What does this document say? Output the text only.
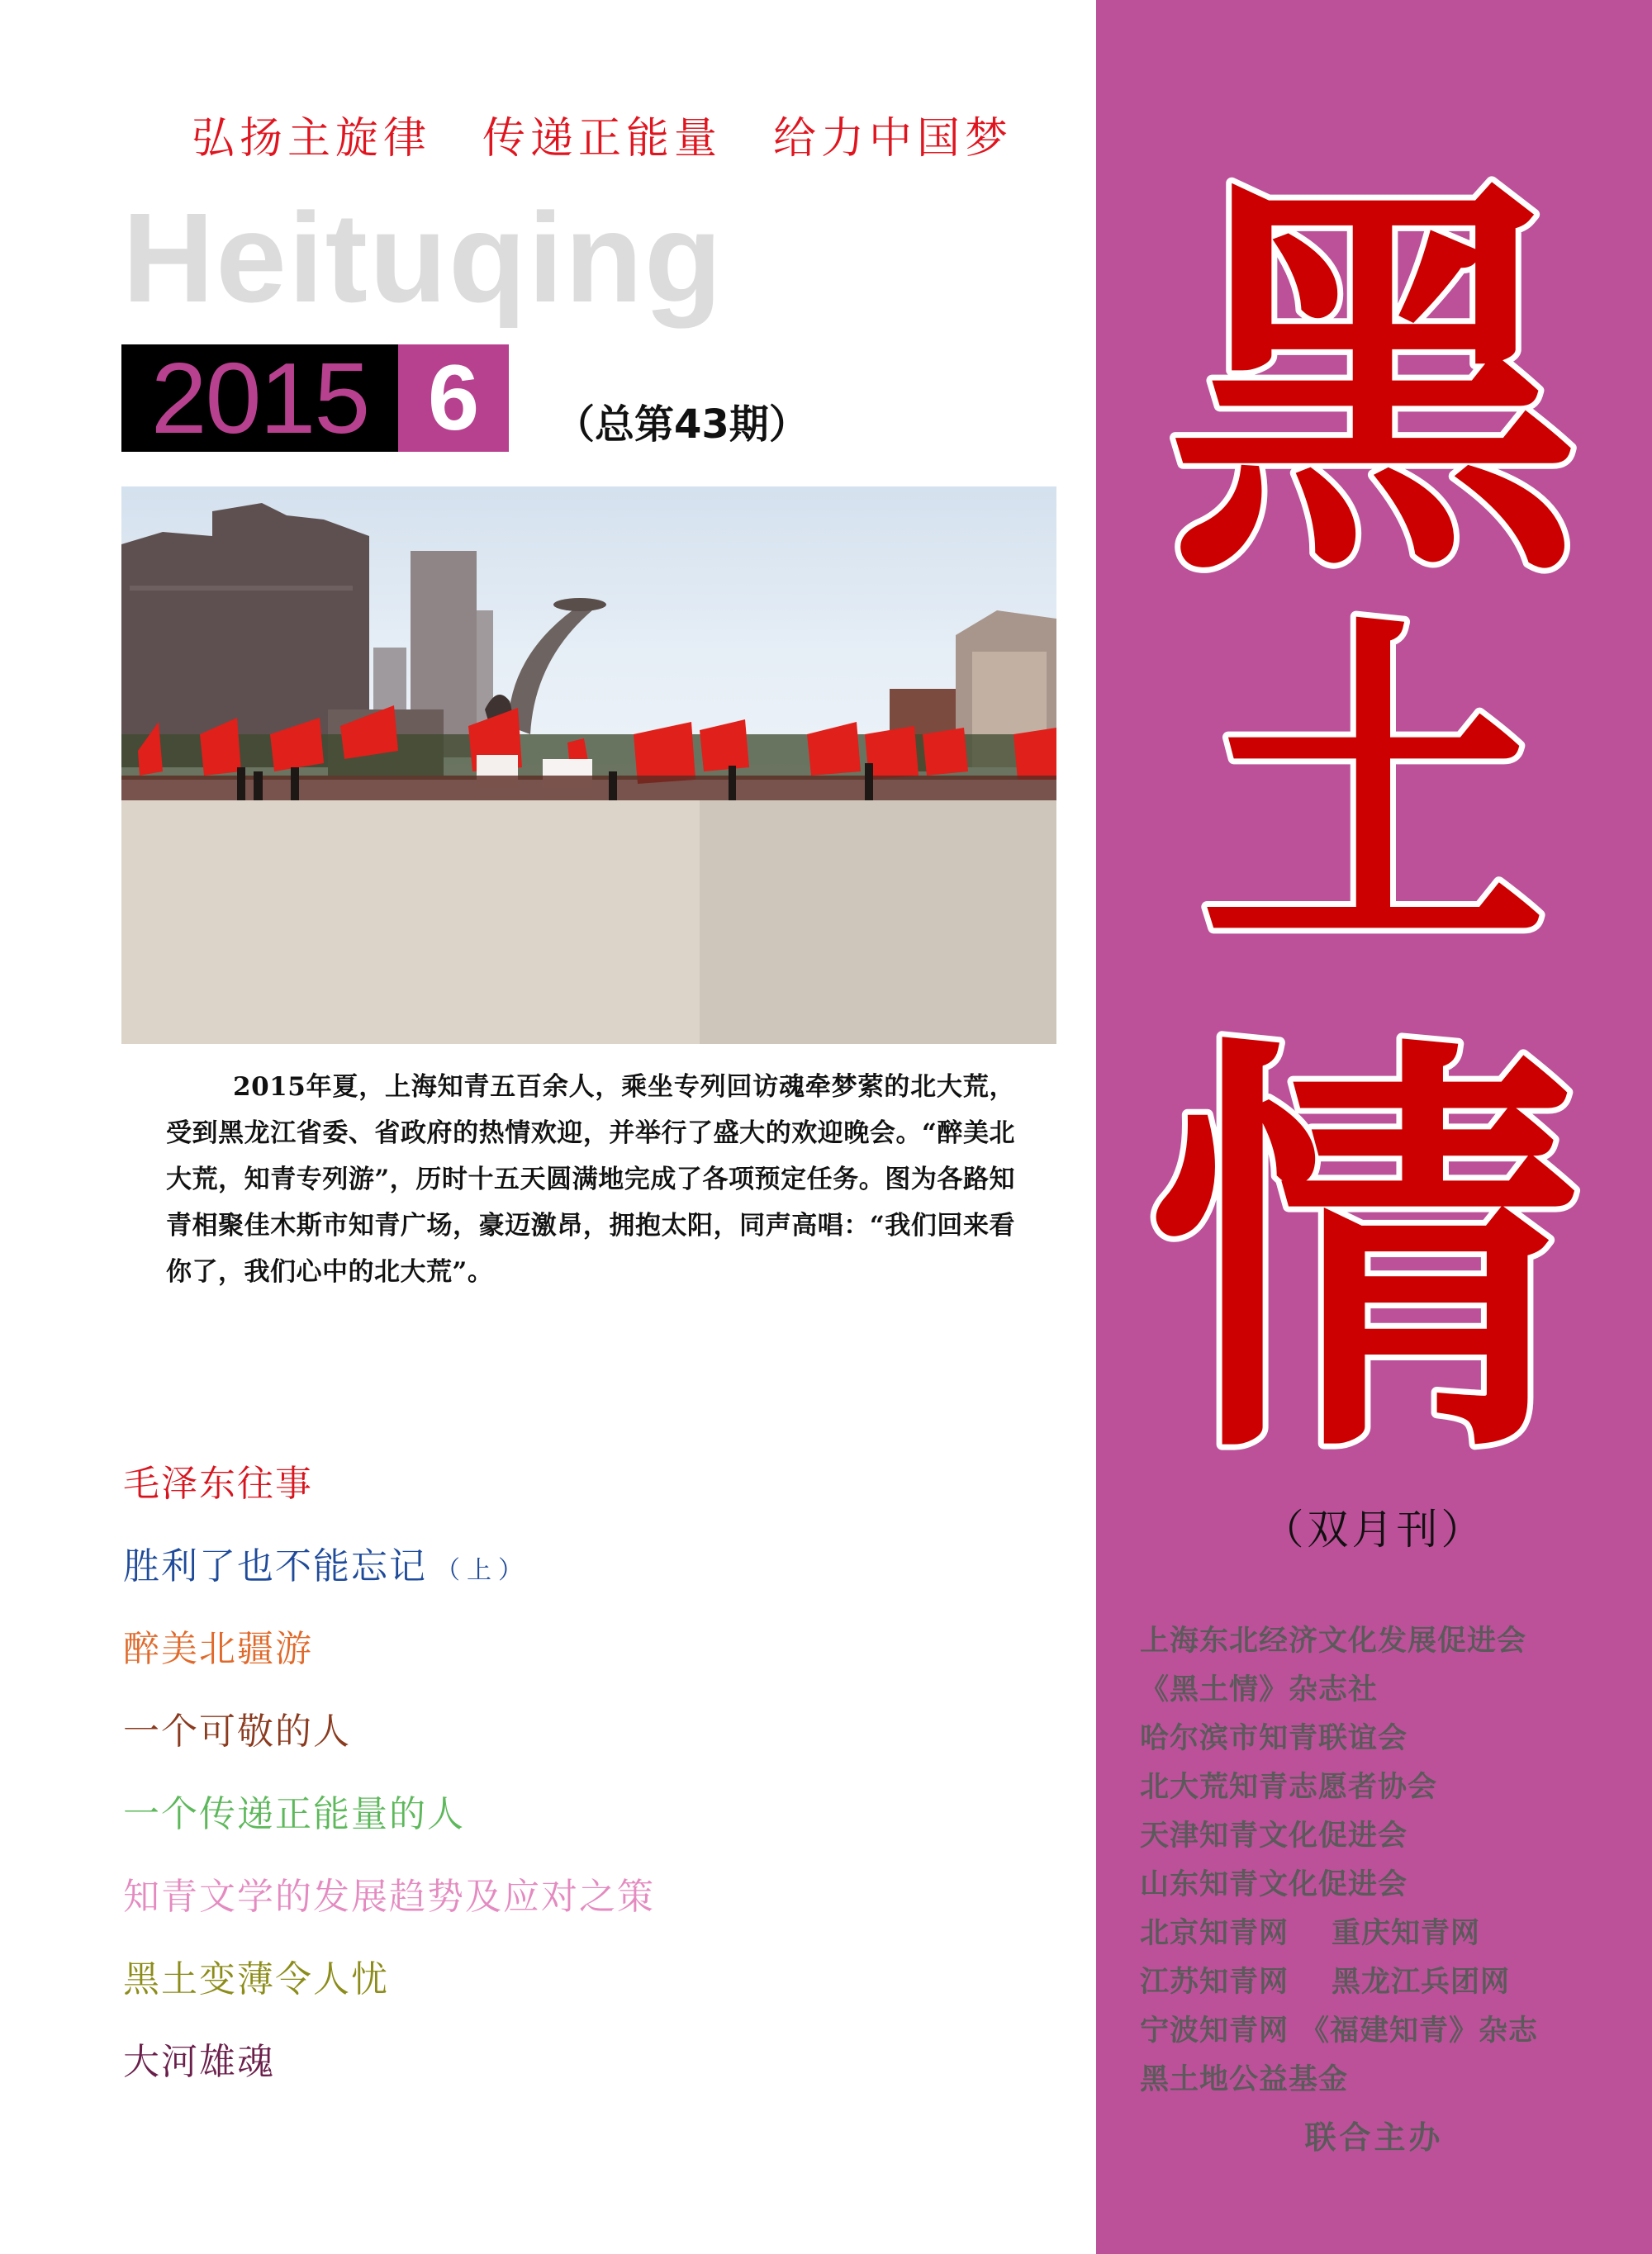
弘扬主旋律 传递正能量 给力中国梦
Heituqing
2015 6	（总第43期）
2015年夏，上海知青五百余人，乘坐专列回访魂牵梦萦的北大荒，受到黑龙江省委、省政府的热情欢迎，并举行了盛大的欢迎晚会。“醉美北大荒，知青专列游”，历时十五天圆满地完成了各项预定任务。图为各路知青相聚佳木斯市知青广场，豪迈激昂，拥抱太阳，同声高唱：“我们回来看你了，我们心中的北大荒”。
毛泽东往事
胜利了也不能忘记 （上）
醉美北疆游
一个可敬的人
一个传递正能量的人
知青文学的发展趋势及应对之策
黑土变薄令人忧
大河雄魂
黑
土
情
（双月刊）
上海东北经济文化发展促进会
《黑土情》杂志社
哈尔滨市知青联谊会
北大荒知青志愿者协会
天津知青文化促进会
山东知青文化促进会
北京知青网 重庆知青网
江苏知青网 黑龙江兵团网
宁波知青网 《福建知青》杂志
黑土地公益基金
联合主办
